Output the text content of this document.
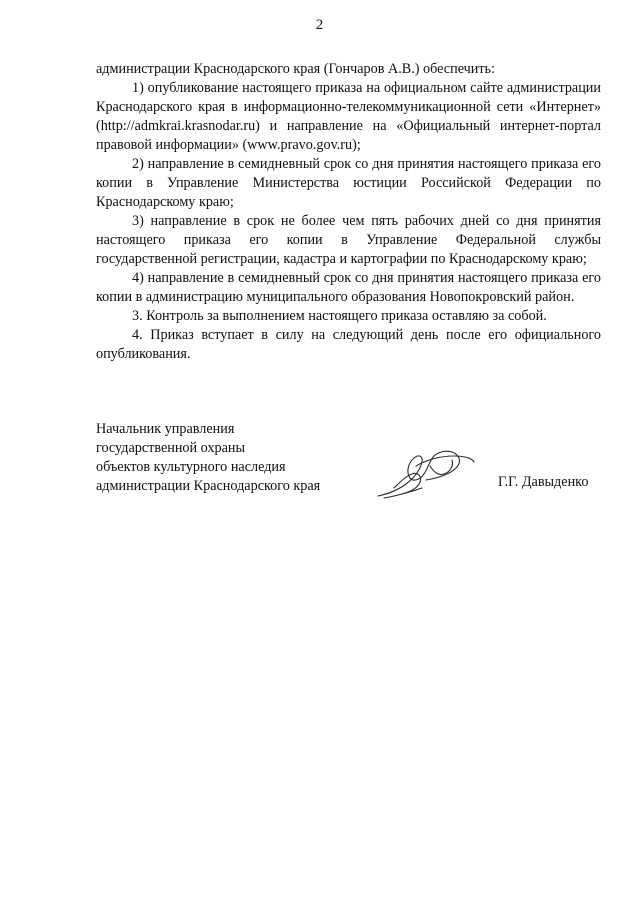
2

администрации Краснодарского края (Гончаров А.В.) обеспечить:

1) опубликование настоящего приказа на официальном сайте администрации Краснодарского края в информационно-телекоммуникационной сети «Интернет» (http://admkrai.krasnodar.ru) и направление на «Официальный интернет-портал правовой информации» (www.pravo.gov.ru);

2) направление в семидневный срок со дня принятия настоящего приказа его копии в Управление Министерства юстиции Российской Федерации по Краснодарскому краю;

3) направление в срок не более чем пять рабочих дней со дня принятия настоящего приказа его копии в Управление Федеральной службы государственной регистрации, кадастра и картографии по Краснодарскому краю;

4) направление в семидневный срок со дня принятия настоящего приказа его копии в администрацию муниципального образования Новопокровский район.

3. Контроль за выполнением настоящего приказа оставляю за собой.

4. Приказ вступает в силу на следующий день после его официального опубликования.

Начальник управления
государственной охраны
объектов культурного наследия
администрации Краснодарского края	Г.Г. Давыденко
